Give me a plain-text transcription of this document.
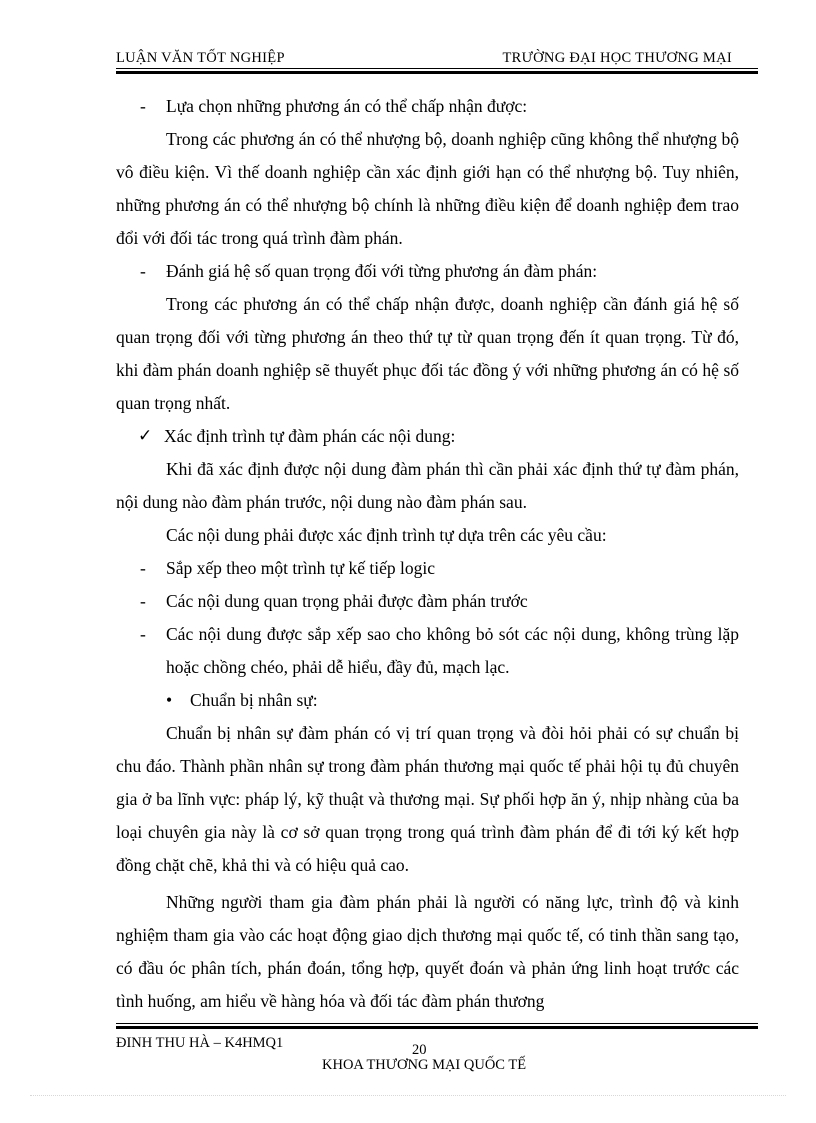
LUẬN VĂN TỐT NGHIỆP	TRƯỜNG ĐẠI HỌC THƯƠNG MẠI
- Lựa chọn những phương án có thể chấp nhận được:

Trong các phương án có thể nhượng bộ, doanh nghiệp cũng không thể nhượng bộ vô điều kiện. Vì thế doanh nghiệp cần xác định giới hạn có thể nhượng bộ. Tuy nhiên, những phương án có thể nhượng bộ chính là những điều kiện để doanh nghiệp đem trao đổi với đối tác trong quá trình đàm phán.

- Đánh giá hệ số quan trọng đối với từng phương án đàm phán:

Trong các phương án có thể chấp nhận được, doanh nghiệp cần đánh giá hệ số quan trọng đối với từng phương án theo thứ tự từ quan trọng đến ít quan trọng. Từ đó, khi đàm phán doanh nghiệp sẽ thuyết phục đối tác đồng ý với những phương án có hệ số quan trọng nhất.

✓ Xác định trình tự đàm phán các nội dung:

Khi đã xác định được nội dung đàm phán thì cần phải xác định thứ tự đàm phán, nội dung nào đàm phán trước, nội dung nào đàm phán sau.

Các nội dung phải được xác định trình tự dựa trên các yêu cầu:

- Sắp xếp theo một trình tự kế tiếp logic
- Các nội dung quan trọng phải được đàm phán trước
- Các nội dung được sắp xếp sao cho không bỏ sót các nội dung, không trùng lặp hoặc chồng chéo, phải dễ hiểu, đầy đủ, mạch lạc.
• Chuẩn bị nhân sự:

Chuẩn bị nhân sự đàm phán có vị trí quan trọng và đòi hỏi phải có sự chuẩn bị chu đáo. Thành phần nhân sự trong đàm phán thương mại quốc tế phải hội tụ đủ chuyên gia ở ba lĩnh vực: pháp lý, kỹ thuật và thương mại. Sự phối hợp ăn ý, nhịp nhàng của ba loại chuyên gia này là cơ sở quan trọng trong quá trình đàm phán để đi tới ký kết hợp đồng chặt chẽ, khả thi và có hiệu quả cao.

Những người tham gia đàm phán phải là người có năng lực, trình độ và kinh nghiệm tham gia vào các hoạt động giao dịch thương mại quốc tế, có tinh thần sang tạo, có đầu óc phân tích, phán đoán, tổng hợp, quyết đoán và phản ứng linh hoạt trước các tình huống, am hiểu về hàng hóa và đối tác đàm phán thương

ĐINH THU HÀ – K4HMQ1	20
KHOA THƯƠNG MẠI QUỐC TẾ
